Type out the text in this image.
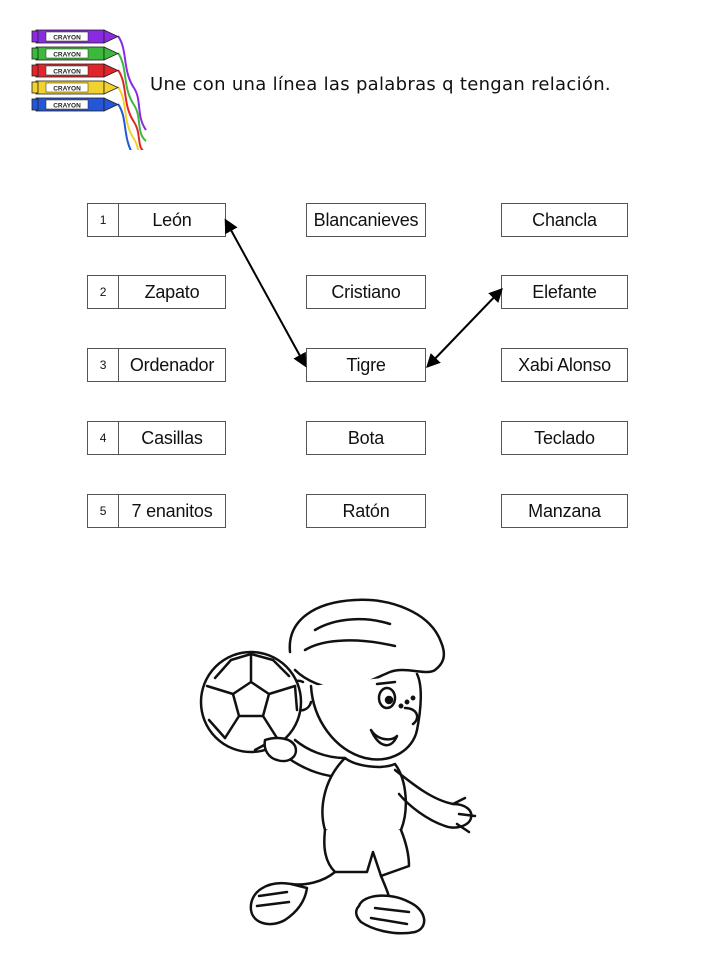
CRAYON
CRAYON
CRAYON
CRAYON
CRAYON
Une con una línea las palabras q tengan relación.
1	León
2	Zapato
3	Ordenador
4	Casillas
5	7 enanitos
Blancanieves
Cristiano
Tigre
Bota
Ratón
Chancla
Elefante
Xabi Alonso
Teclado
Manzana
